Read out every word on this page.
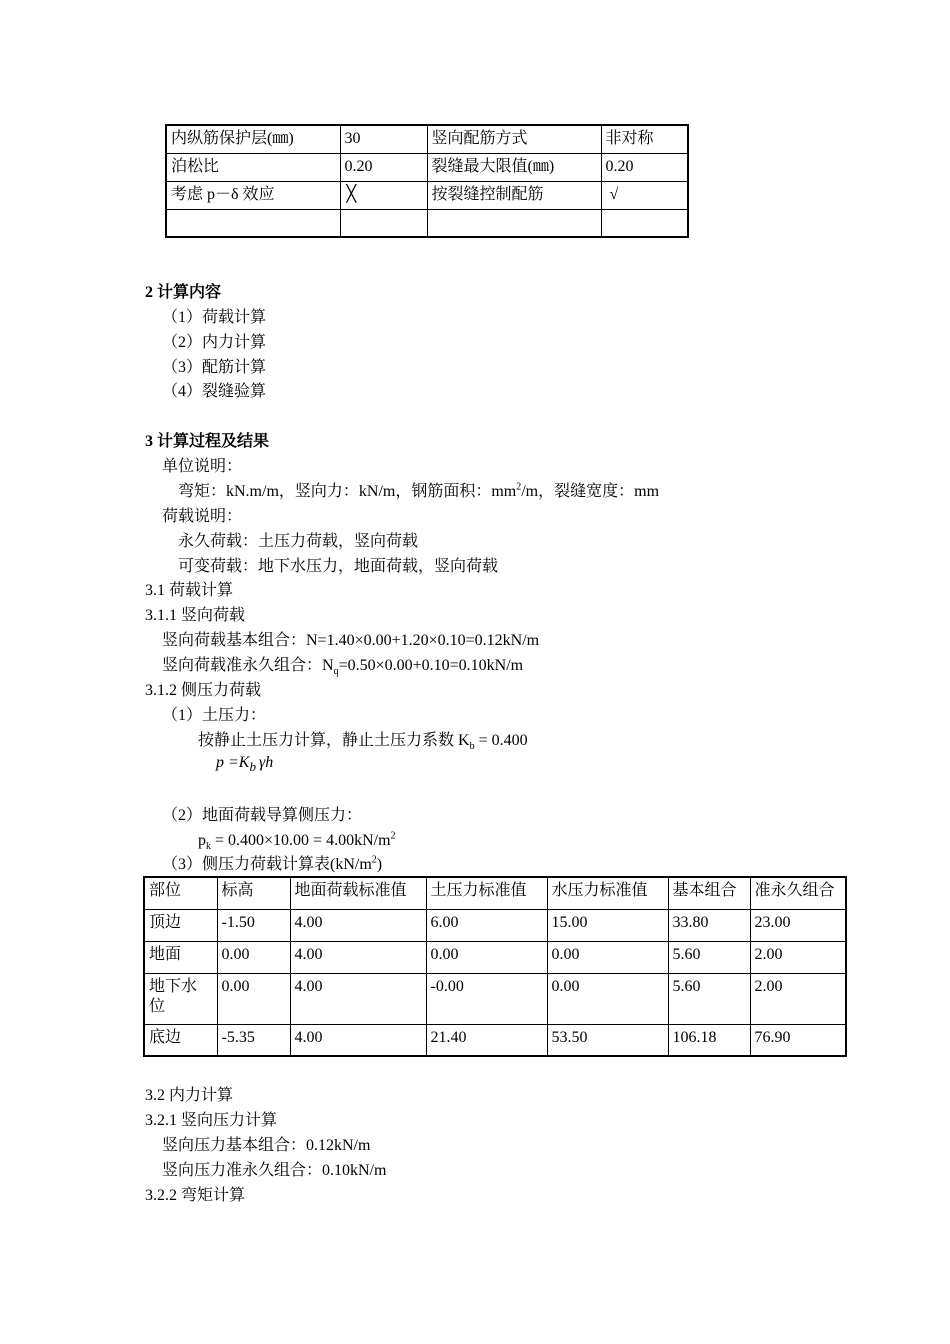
内纵筋保护层(㎜)	30	竖向配筋方式	非对称
泊松比	0.20	裂缝最大限值(㎜)	0.20
考虑 p－δ 效应	╳	按裂缝控制配筋	√

2 计算内容
（1）荷载计算
（2）内力计算
（3）配筋计算
（4）裂缝验算
3 计算过程及结果
单位说明：
弯矩：kN.m/m，竖向力：kN/m，钢筋面积：$mm^2/m$，裂缝宽度：mm
荷载说明：
永久荷载：土压力荷载，竖向荷载
可变荷载：地下水压力，地面荷载，竖向荷载
3.1 荷载计算
3.1.1 竖向荷载
竖向荷载基本组合：N=1.40×0.00+1.20×0.10=0.12kN/m
竖向荷载准永久组合：$N_q=0.50\times 0.00+0.10=0.10kN/m$
3.1.2 侧压力荷载
（1）土压力：
按静止土压力计算，静止土压力系数 $K_b = 0.400$
$p =K_b$ γh
（2）地面荷载导算侧压力：
$p_k = 0.400\times 10.00 = 4.00kN/m^2$
（3）侧压力荷载计算表$(kN/m^2)$
部位	标高	地面荷载标准值	土压力标准值	水压力标准值	基本组合	准永久组合
顶边	-1.50	4.00	6.00	15.00	33.80	23.00
地面	0.00	4.00	0.00	0.00	5.60	2.00
地下水位	0.00	4.00	-0.00	0.00	5.60	2.00
底边	-5.35	4.00	21.40	53.50	106.18	76.90
3.2 内力计算
3.2.1 竖向压力计算
竖向压力基本组合：0.12kN/m
竖向压力准永久组合：0.10kN/m
3.2.2 弯矩计算
